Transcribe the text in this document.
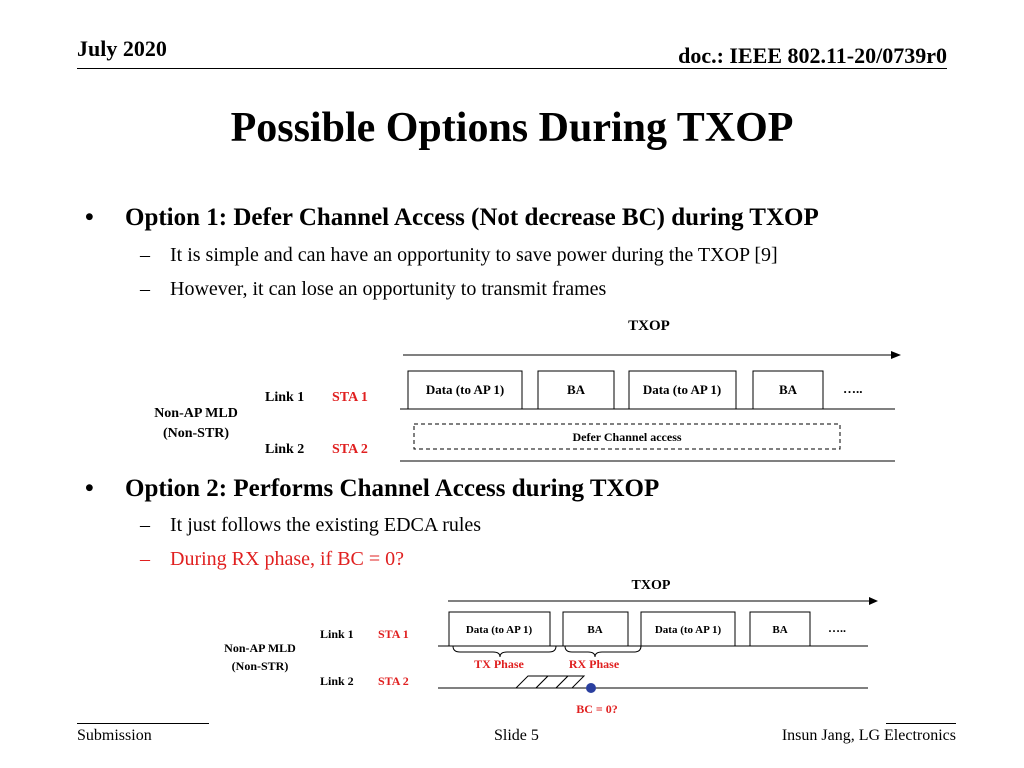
July 2020	doc.: IEEE 802.11-20/0739r0
Possible Options During TXOP
• Option 1: Defer Channel Access (Not decrease BC) during TXOP
– It is simple and can have an opportunity to save power during the TXOP [9]
– However, it can lose an opportunity to transmit frames
TXOP
Non-AP MLD
(Non-STR)
Link 1
Link 2
STA 1
STA 2
Data (to AP 1)	BA	Data (to AP 1)	BA	…..
Defer Channel access
• Option 2: Performs Channel Access during TXOP
– It just follows the existing EDCA rules
– During RX phase, if BC = 0?
TXOP
Non-AP MLD
(Non-STR)
Link 1
Link 2
STA 1
STA 2
Data (to AP 1)	BA	Data (to AP 1)	BA	…..
TX Phase	RX Phase
BC = 0?
Submission	Slide 5	Insun Jang, LG Electronics
